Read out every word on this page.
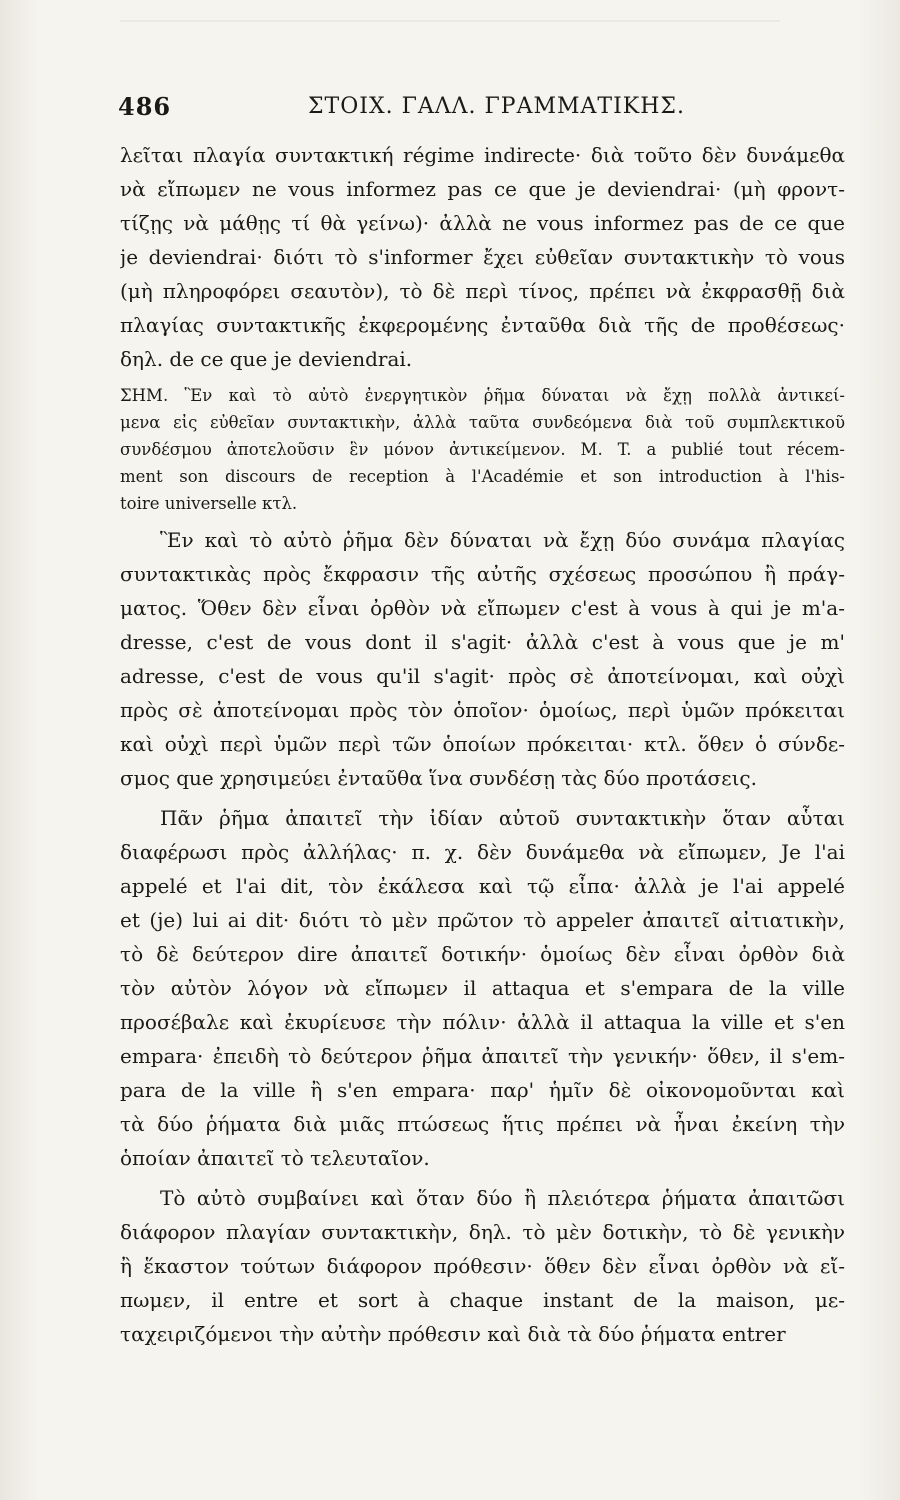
486	ΣΤΟΙΧ. ΓΑΛΛ. ΓΡΑΜΜΑΤΙΚΗΣ.
λεῖται πλαγία συντακτική régime indirecte· διὰ τοῦτο δὲν δυνάμεθα
νὰ εἴπωμεν ne vous informez pas ce que je deviendrai· (μὴ φροντ-
τίζῃς νὰ μάθῃς τί θὰ γείνω)· ἀλλὰ ne vous informez pas de ce que
je deviendrai· διότι τὸ s'informer ἔχει εὐθεῖαν συντακτικὴν τὸ vous
(μὴ πληροφόρει σεαυτὸν), τὸ δὲ περὶ τίνος, πρέπει νὰ ἐκφρασθῇ διὰ
πλαγίας συντακτικῆς ἐκφερομένης ἐνταῦθα διὰ τῆς de προθέσεως·
δηλ. de ce que je deviendrai.
ΣΗΜ. Ἓν καὶ τὸ αὐτὸ ἐνεργητικὸν ῥῆμα δύναται νὰ ἔχῃ πολλὰ ἀντικεί-
μενα εἰς εὐθεῖαν συντακτικὴν, ἀλλὰ ταῦτα συνδεόμενα διὰ τοῦ συμπλεκτικοῦ
συνδέσμου ἀποτελοῦσιν ἓν μόνον ἀντικείμενον. M. T. a publié tout récem-
ment son discours de reception à l'Académie et son introduction à l'his-
toire universelle κτλ.
Ἓν καὶ τὸ αὐτὸ ῥῆμα δὲν δύναται νὰ ἔχῃ δύο συνάμα πλαγίας
συντακτικὰς πρὸς ἔκφρασιν τῆς αὐτῆς σχέσεως προσώπου ἢ πράγ-
ματος. Ὅθεν δὲν εἶναι ὀρθὸν νὰ εἴπωμεν c'est à vous à qui je m'a-
dresse, c'est de vous dont il s'agit· ἀλλὰ c'est à vous que je m'
adresse, c'est de vous qu'il s'agit· πρὸς σὲ ἀποτείνομαι, καὶ οὐχὶ
πρὸς σὲ ἀποτείνομαι πρὸς τὸν ὁποῖον· ὁμοίως, περὶ ὑμῶν πρόκειται
καὶ οὐχὶ περὶ ὑμῶν περὶ τῶν ὁποίων πρόκειται· κτλ. ὅθεν ὁ σύνδε-
σμος que χρησιμεύει ἐνταῦθα ἵνα συνδέσῃ τὰς δύο προτάσεις.
Πᾶν ῥῆμα ἀπαιτεῖ τὴν ἰδίαν αὐτοῦ συντακτικὴν ὅταν αὗται
διαφέρωσι πρὸς ἀλλήλας· π. χ. δὲν δυνάμεθα νὰ εἴπωμεν, Je l'ai
appelé et l'ai dit, τὸν ἐκάλεσα καὶ τῷ εἶπα· ἀλλὰ je l'ai appelé
et (je) lui ai dit· διότι τὸ μὲν πρῶτον τὸ appeler ἀπαιτεῖ αἰτιατικὴν,
τὸ δὲ δεύτερον dire ἀπαιτεῖ δοτικήν· ὁμοίως δὲν εἶναι ὀρθὸν διὰ
τὸν αὐτὸν λόγον νὰ εἴπωμεν il attaqua et s'empara de la ville
προσέβαλε καὶ ἐκυρίευσε τὴν πόλιν· ἀλλὰ il attaqua la ville et s'en
empara· ἐπειδὴ τὸ δεύτερον ῥῆμα ἀπαιτεῖ τὴν γενικήν· ὅθεν, il s'em-
para de la ville ἢ s'en empara· παρ' ἡμῖν δὲ οἰκονομοῦνται καὶ
τὰ δύο ῥήματα διὰ μιᾶς πτώσεως ἥτις πρέπει νὰ ἦναι ἐκείνη τὴν
ὁποίαν ἀπαιτεῖ τὸ τελευταῖον.
Τὸ αὐτὸ συμβαίνει καὶ ὅταν δύο ἢ πλειότερα ῥήματα ἀπαιτῶσι
διάφορον πλαγίαν συντακτικὴν, δηλ. τὸ μὲν δοτικὴν, τὸ δὲ γενικὴν
ἢ ἕκαστον τούτων διάφορον πρόθεσιν· ὅθεν δὲν εἶναι ὀρθὸν νὰ εἴ-
πωμεν, il entre et sort à chaque instant de la maison, με-
ταχειριζόμενοι τὴν αὐτὴν πρόθεσιν καὶ διὰ τὰ δύο ῥήματα entrer
